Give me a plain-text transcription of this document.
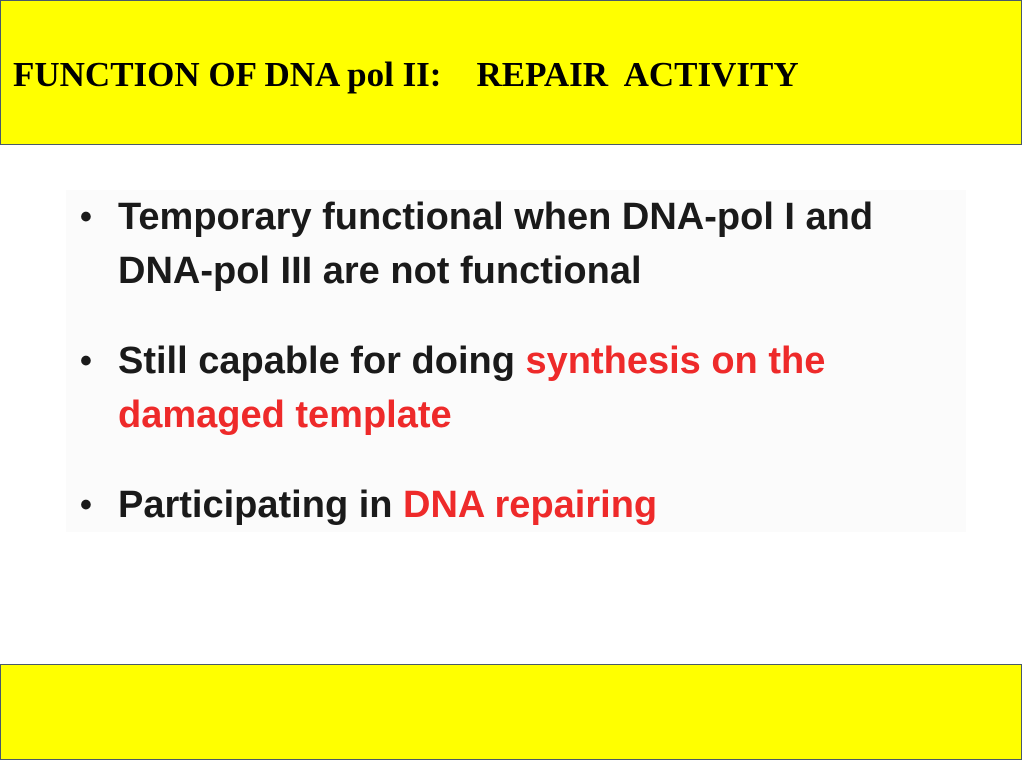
FUNCTION OF DNA pol II:    REPAIR  ACTIVITY
• Temporary functional when DNA-pol I and DNA-pol III are not functional
• Still capable for doing synthesis on the damaged template
• Participating in DNA repairing
